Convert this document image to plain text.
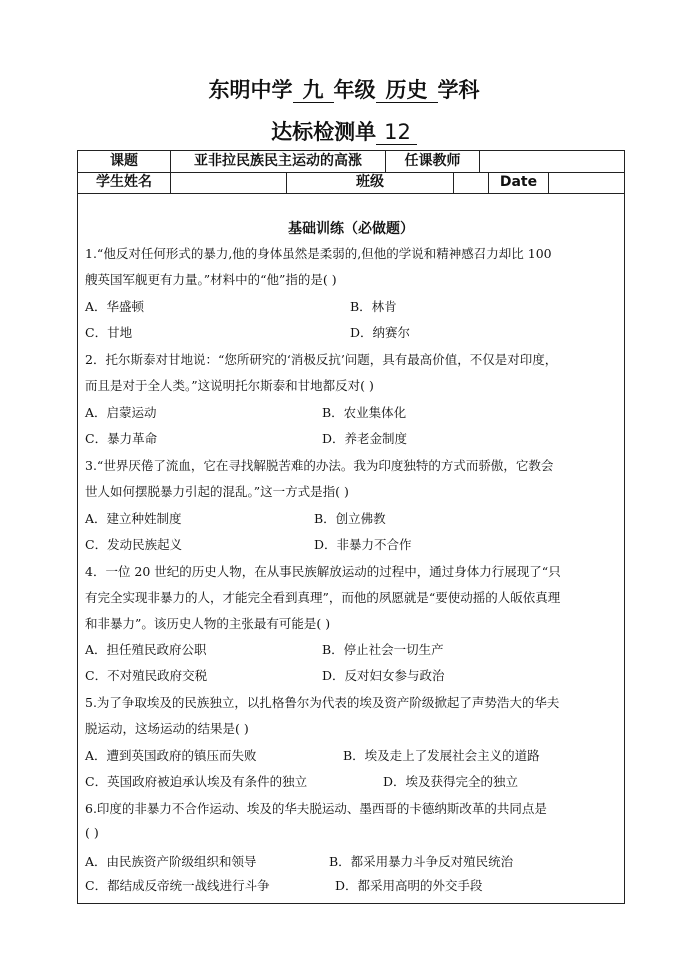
东明中学 九 年级 历史 学科
达标检测单 12
课题	亚非拉民族民主运动的高涨	任课教师
学生姓名	班级	Date
基础训练（必做题）
1.“他反对任何形式的暴力,他的身体虽然是柔弱的,但他的学说和精神感召力却比 100
艘英国军舰更有力量。”材料中的“他”指的是( )
A．华盛顿	B．林肯
C．甘地	D．纳赛尔
2．托尔斯泰对甘地说：“您所研究的‘消极反抗’问题，具有最高价值，不仅是对印度，
而且是对于全人类。”这说明托尔斯泰和甘地都反对( )
A．启蒙运动	B．农业集体化
C．暴力革命	D．养老金制度
3.“世界厌倦了流血，它在寻找解脱苦难的办法。我为印度独特的方式而骄傲，它教会
世人如何摆脱暴力引起的混乱。”这一方式是指( )
A．建立种姓制度	B．创立佛教
C．发动民族起义	D．非暴力不合作
4．一位 20 世纪的历史人物，在从事民族解放运动的过程中，通过身体力行展现了“只
有完全实现非暴力的人，才能完全看到真理”，而他的夙愿就是“要使动摇的人皈依真理
和非暴力”。该历史人物的主张最有可能是( )
A．担任殖民政府公职	B．停止社会一切生产
C．不对殖民政府交税	D．反对妇女参与政治
5.为了争取埃及的民族独立，以扎格鲁尔为代表的埃及资产阶级掀起了声势浩大的华夫
脱运动，这场运动的结果是( )
A．遭到英国政府的镇压而失败	B．埃及走上了发展社会主义的道路
C．英国政府被迫承认埃及有条件的独立	D．埃及获得完全的独立
6.印度的非暴力不合作运动、埃及的华夫脱运动、墨西哥的卡德纳斯改革的共同点是
( )
A．由民族资产阶级组织和领导	B．都采用暴力斗争反对殖民统治
C．都结成反帝统一战线进行斗争	D．都采用高明的外交手段
